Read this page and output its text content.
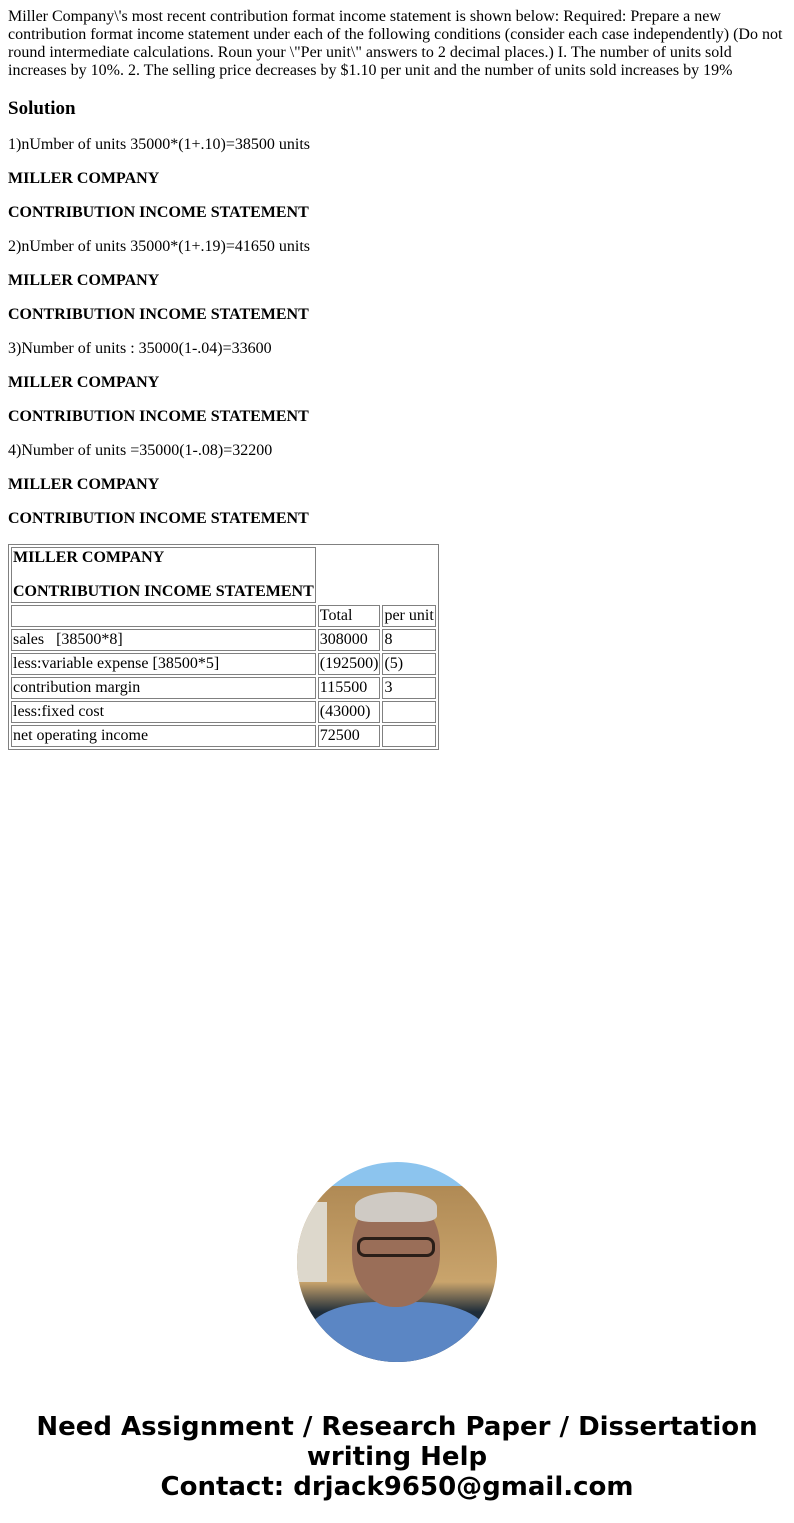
Miller Company\'s most recent contribution format income statement is shown below: Required: Prepare a new contribution format income statement under each of the following conditions (consider each case independently) (Do not round intermediate calculations. Roun your \"Per unit\" answers to 2 decimal places.) I. The number of units sold increases by 10%. 2. The selling price decreases by $1.10 per unit and the number of units sold increases by 19%

Solution

1)nUmber of units 35000*(1+.10)=38500 units

MILLER COMPANY

CONTRIBUTION INCOME STATEMENT

2)nUmber of units 35000*(1+.19)=41650 units

MILLER COMPANY

CONTRIBUTION INCOME STATEMENT

3)Number of units : 35000(1-.04)=33600

MILLER COMPANY

CONTRIBUTION INCOME STATEMENT

4)Number of units =35000(1-.08)=32200

MILLER COMPANY

CONTRIBUTION INCOME STATEMENT

MILLER COMPANY

CONTRIBUTION INCOME STATEMENT		

	Total	per unit
sales   [38500*8]	308000	8
less:variable expense [38500*5]	(192500)	(5)
contribution margin	115500	3
less:fixed cost	(43000)	
net operating income	72500	
Need Assignment / Research Paper / Dissertation writing Help
Contact: drjack9650@gmail.com
